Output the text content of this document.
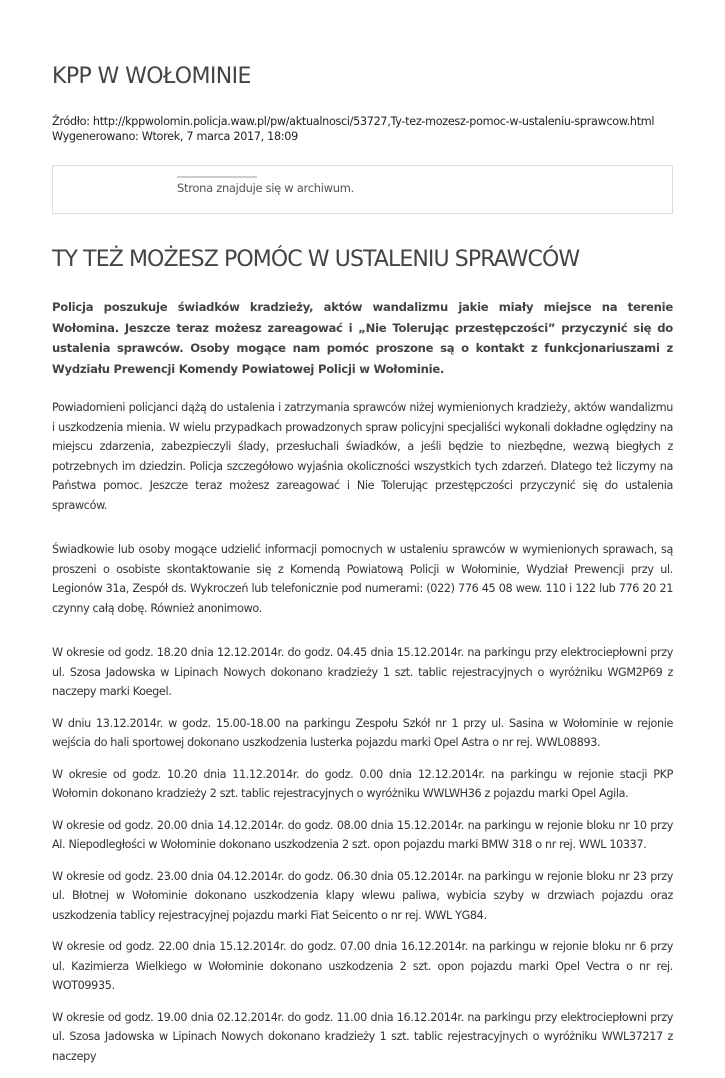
KPP W WOŁOMINIE
Źródło: http://kppwolomin.policja.waw.pl/pw/aktualnosci/53727,Ty-tez-mozesz-pomoc-w-ustaleniu-sprawcow.html
Wygenerowano: Wtorek, 7 marca 2017, 18:09
Strona znajduje się w archiwum.
TY TEŻ MOŻESZ POMÓC W USTALENIU SPRAWCÓW

Policja poszukuje świadków kradzieży, aktów wandalizmu jakie miały miejsce na terenie Wołomina. Jeszcze teraz możesz zareagować i „Nie Tolerując przestępczości” przyczynić się do ustalenia sprawców. Osoby mogące nam pomóc proszone są o kontakt z funkcjonariuszami z Wydziału Prewencji Komendy Powiatowej Policji w Wołominie.

Powiadomieni policjanci dążą do ustalenia i zatrzymania sprawców niżej wymienionych kradzieży, aktów wandalizmu i uszkodzenia mienia. W wielu przypadkach prowadzonych spraw policyjni specjaliści wykonali dokładne oględziny na miejscu zdarzenia, zabezpieczyli ślady, przesłuchali świadków, a jeśli będzie to niezbędne, wezwą biegłych z potrzebnych im dziedzin. Policja szczegółowo wyjaśnia okoliczności wszystkich tych zdarzeń. Dlatego też liczymy na Państwa pomoc. Jeszcze teraz możesz zareagować i Nie Tolerując przestępczości przyczynić się do ustalenia sprawców.

Świadkowie lub osoby mogące udzielić informacji pomocnych w ustaleniu sprawców w wymienionych sprawach, są proszeni o osobiste skontaktowanie się z Komendą Powiatową Policji w Wołominie, Wydział Prewencji przy ul. Legionów 31a, Zespół ds. Wykroczeń lub telefonicznie pod numerami: (022) 776 45 08 wew. 110 i 122 lub 776 20 21 czynny całą dobę. Również anonimowo.

W okresie od godz. 18.20 dnia 12.12.2014r. do godz. 04.45 dnia 15.12.2014r. na parkingu przy elektrociepłowni przy ul. Szosa Jadowska w Lipinach Nowych dokonano kradzieży 1 szt. tablic rejestracyjnych o wyróżniku WGM2P69 z naczepy marki Koegel.

W dniu 13.12.2014r. w godz. 15.00-18.00 na parkingu Zespołu Szkół nr 1 przy ul. Sasina w Wołominie w rejonie wejścia do hali sportowej dokonano uszkodzenia lusterka pojazdu marki Opel Astra o nr rej. WWL08893.

W okresie od godz. 10.20 dnia 11.12.2014r. do godz. 0.00 dnia 12.12.2014r. na parkingu w rejonie stacji PKP Wołomin dokonano kradzieży 2 szt. tablic rejestracyjnych o wyróżniku WWLWH36 z pojazdu marki Opel Agila.

W okresie od godz. 20.00 dnia 14.12.2014r. do godz. 08.00 dnia 15.12.2014r. na parkingu w rejonie bloku nr 10 przy Al. Niepodległości w Wołominie dokonano uszkodzenia 2 szt. opon pojazdu marki BMW 318 o nr rej. WWL 10337.

W okresie od godz. 23.00 dnia 04.12.2014r. do godz. 06.30 dnia 05.12.2014r. na parkingu w rejonie bloku nr 23 przy ul. Błotnej w Wołominie dokonano uszkodzenia klapy wlewu paliwa, wybicia szyby w drzwiach pojazdu oraz uszkodzenia tablicy rejestracyjnej pojazdu marki Fiat Seicento o nr rej. WWL YG84.

W okresie od godz. 22.00 dnia 15.12.2014r. do godz. 07.00 dnia 16.12.2014r. na parkingu w rejonie bloku nr 6 przy ul. Kazimierza Wielkiego w Wołominie dokonano uszkodzenia 2 szt. opon pojazdu marki Opel Vectra o nr rej. WOT09935.

W okresie od godz. 19.00 dnia 02.12.2014r. do godz. 11.00 dnia 16.12.2014r. na parkingu przy elektrociepłowni przy ul. Szosa Jadowska w Lipinach Nowych dokonano kradzieży 1 szt. tablic rejestracyjnych o wyróżniku WWL37217 z naczepy
